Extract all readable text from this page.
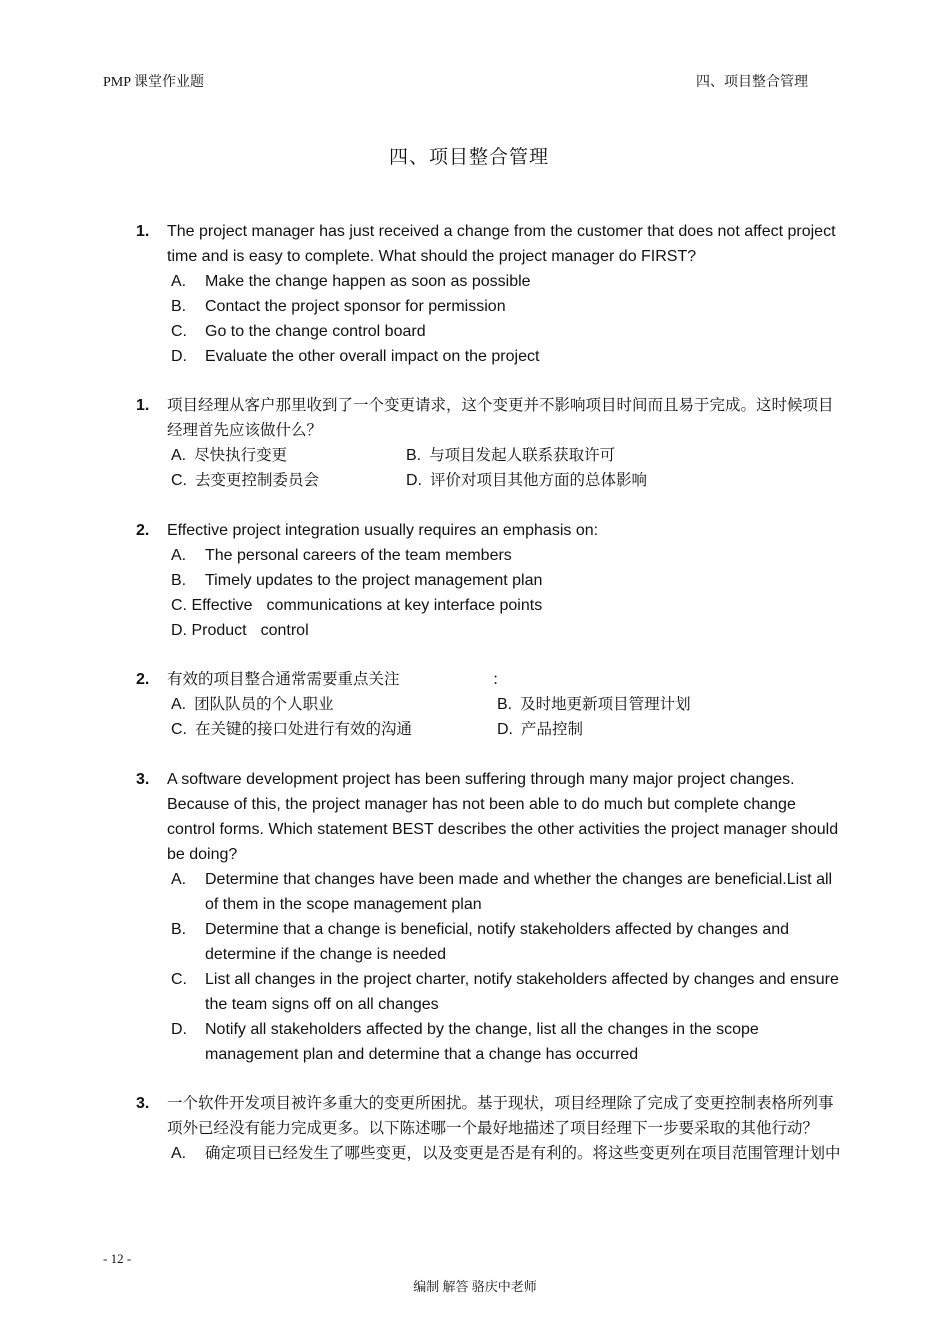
PMP 课堂作业题	四、项目整合管理
四、项目整合管理
1. The project manager has just received a change from the customer that does not affect project time and is easy to complete. What should the project manager do FIRST?
A. Make the change happen as soon as possible
B. Contact the project sponsor for permission
C. Go to the change control board
D. Evaluate the other overall impact on the project
1. 项目经理从客户那里收到了一个变更请求，这个变更并不影响项目时间而且易于完成。这时候项目经理首先应该做什么？
A. 尽快执行变更	B. 与项目发起人联系获取许可
C. 去变更控制委员会	D. 评价对项目其他方面的总体影响
2. Effective project integration usually requires an emphasis on:
A. The personal careers of the team members
B. Timely updates to the project management plan
C. Effective communications at key interface points
D. Product control
2. 有效的项目整合通常需要重点关注	：
A. 团队队员的个人职业	B. 及时地更新项目管理计划
C. 在关键的接口处进行有效的沟通	D. 产品控制
3. A software development project has been suffering through many major project changes. Because of this, the project manager has not been able to do much but complete change control forms. Which statement BEST describes the other activities the project manager should be doing?
A. Determine that changes have been made and whether the changes are beneficial.List all of them in the scope management plan
B. Determine that a change is beneficial, notify stakeholders affected by changes and determine if the change is needed
C. List all changes in the project charter, notify stakeholders affected by changes and ensure the team signs off on all changes
D. Notify all stakeholders affected by the change, list all the changes in the scope management plan and determine that a change has occurred
3. 一个软件开发项目被许多重大的变更所困扰。基于现状，项目经理除了完成了变更控制表格所列事项外已经没有能力完成更多。以下陈述哪一个最好地描述了项目经理下一步要采取的其他行动？
A. 确定项目已经发生了哪些变更，以及变更是否是有利的。将这些变更列在项目范围管理计划中
- 12 -
编制 解答 骆庆中老师
